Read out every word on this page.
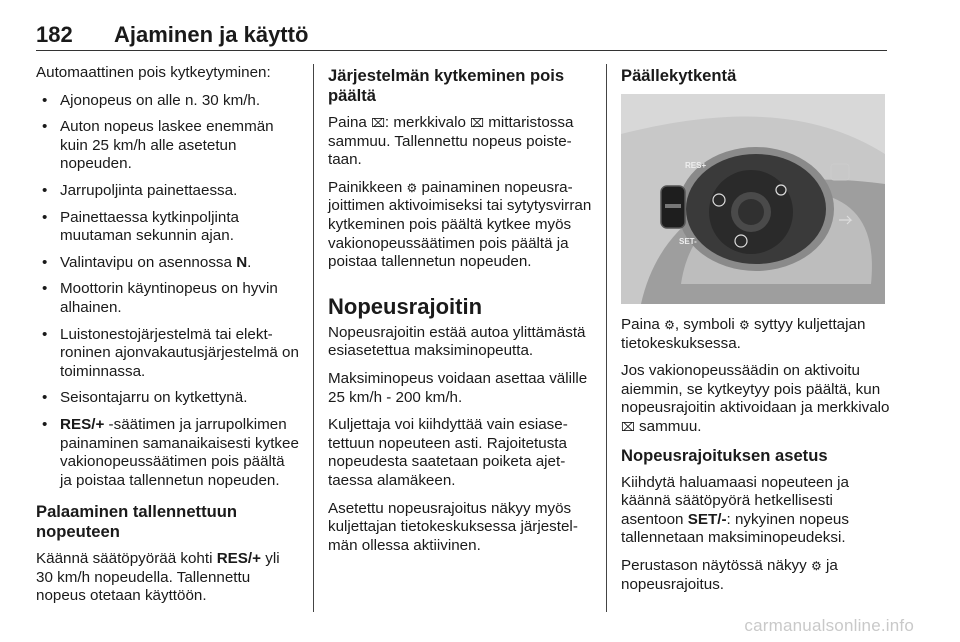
182 Ajaminen ja käyttö

Automaattinen pois kytkeytyminen:

• Ajonopeus on alle n. 30 km/h.
• Auton nopeus laskee enemmän kuin 25 km/h alle asetetun nopeuden.
• Jarrupoljinta painettaessa.
• Painettaessa kytkinpoljinta muutaman sekunnin ajan.
• Valintavipu on asennossa N.
• Moottorin käyntinopeus on hyvin alhainen.
• Luistonestojärjestelmä tai elektroninen ajonvakautusjärjestelmä on toiminnassa.
• Seisontajarru on kytkettynä.
• RES/+ -säätimen ja jarrupolkimen painaminen samanaikaisesti kytkee vakionopeussäätimen pois päältä ja poistaa tallennetun nopeuden.
Palaaminen tallennettuun nopeuteen

Käännä säätöpyörää kohti RES/+ yli 30 km/h nopeudella. Tallennettu nopeus otetaan käyttöön.

Järjestelmän kytkeminen pois päältä

Paina ⌧: merkkivalo ⌧ mittaristossa sammuu. Tallennettu nopeus poistetaan.

Painikkeen ⚙ painaminen nopeusrajoittimen aktivoimiseksi tai sytytysvirran kytkeminen pois päältä kytkee myös vakionopeussäätimen pois päältä ja poistaa tallennetun nopeuden.

Nopeusrajoitin

Nopeusrajoitin estää autoa ylittämästä esiasetettua maksiminopeutta.

Maksiminopeus voidaan asettaa välille 25 km/h - 200 km/h.

Kuljettaja voi kiihdyttää vain esiasetettuun nopeuteen asti. Rajoitetusta nopeudesta saatetaan poiketa ajettaessa alamäkeen.

Asetettu nopeusrajoitus näkyy myös kuljettajan tietokeskuksessa järjestelmän ollessa aktiivinen.

Päällekytkentä
RES+
SET-

Paina ⚙, symboli ⚙ syttyy kuljettajan tietokeskuksessa.

Jos vakionopeussäädin on aktivoitu aiemmin, se kytkeytyy pois päältä, kun nopeusrajoitin aktivoidaan ja merkkivalo ⌧ sammuu.

Nopeusrajoituksen asetus

Kiihdytä haluamaasi nopeuteen ja käännä säätöpyörä hetkellisesti asentoon SET/-: nykyinen nopeus tallennetaan maksiminopeudeksi.

Perustason näytössä näkyy ⚙ ja nopeusrajoitus.

carmanualsonline.info
